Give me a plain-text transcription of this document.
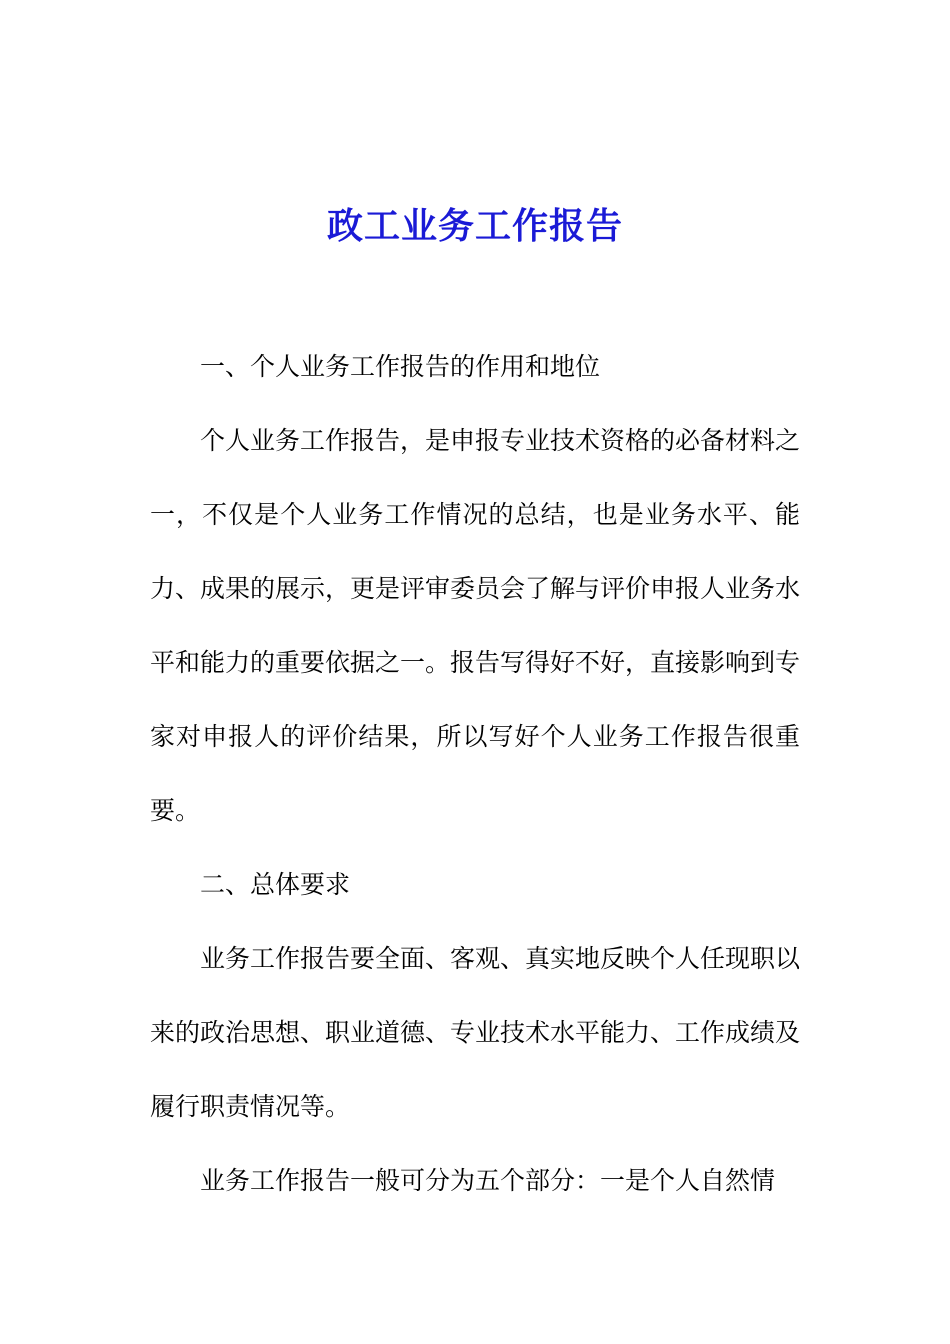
政工业务工作报告

一、个人业务工作报告的作用和地位

个人业务工作报告，是申报专业技术资格的必备材料之一，不仅是个人业务工作情况的总结，也是业务水平、能力、成果的展示，更是评审委员会了解与评价申报人业务水平和能力的重要依据之一。报告写得好不好，直接影响到专家对申报人的评价结果，所以写好个人业务工作报告很重要。

二、总体要求

业务工作报告要全面、客观、真实地反映个人任现职以来的政治思想、职业道德、专业技术水平能力、工作成绩及履行职责情况等。

业务工作报告一般可分为五个部分：一是个人自然情
